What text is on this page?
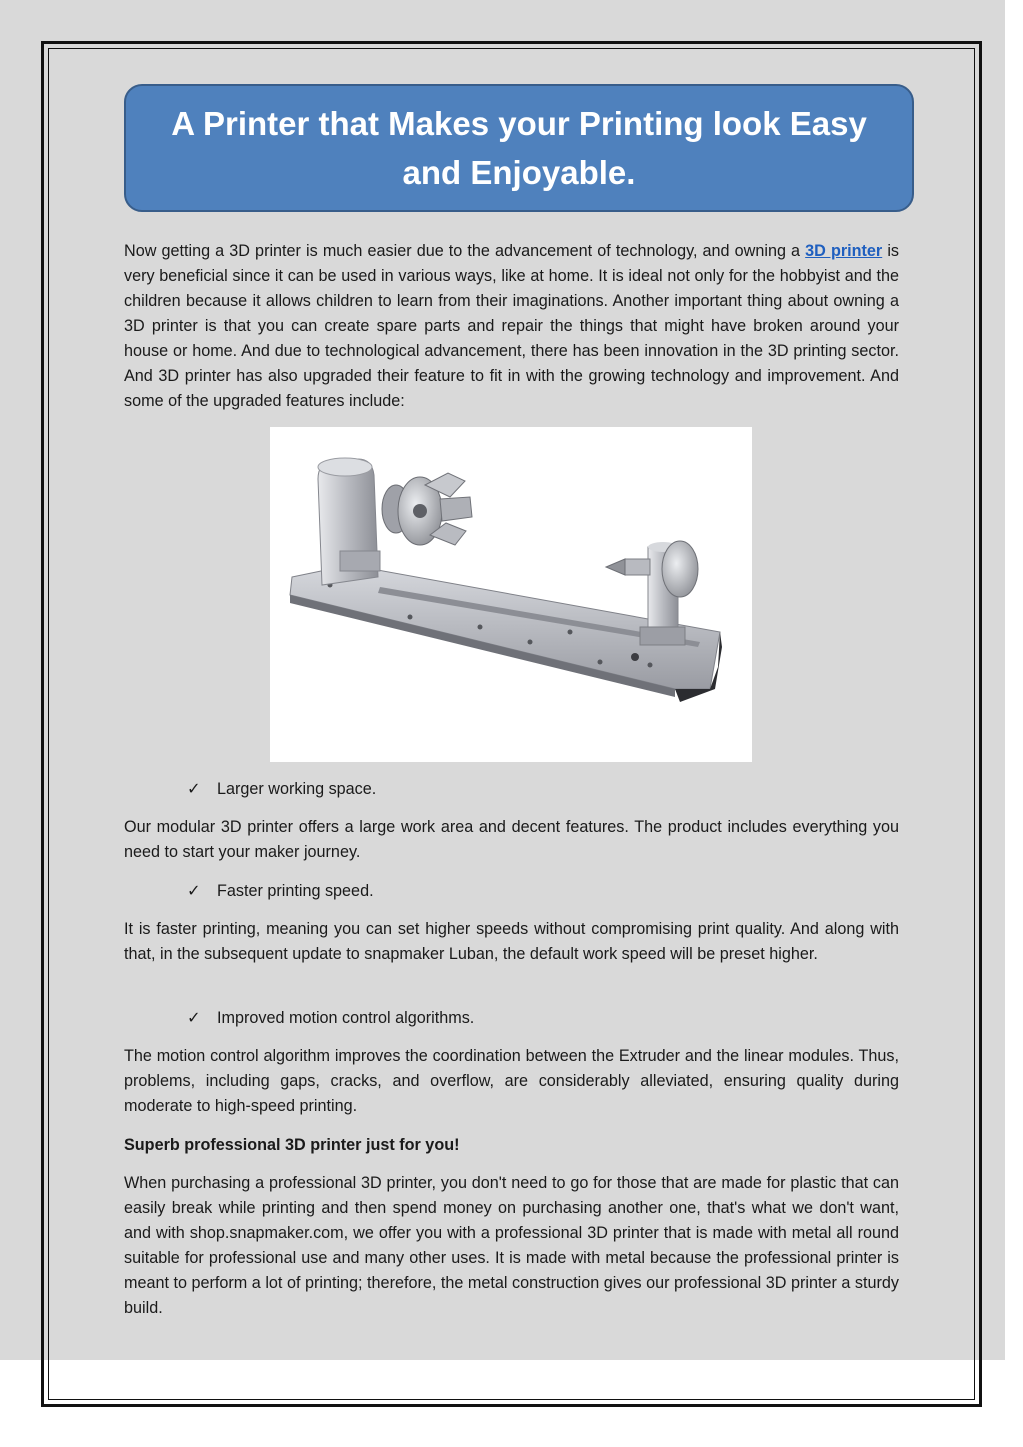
A Printer that Makes your Printing look Easy and Enjoyable.

Now getting a 3D printer is much easier due to the advancement of technology, and owning a 3D printer is very beneficial since it can be used in various ways, like at home. It is ideal not only for the hobbyist and the children because it allows children to learn from their imaginations. Another important thing about owning a 3D printer is that you can create spare parts and repair the things that might have broken around your house or home. And due to technological advancement, there has been innovation in the 3D printing sector. And 3D printer has also upgraded their feature to fit in with the growing technology and improvement. And some of the upgraded features include:

✓ Larger working space.

Our modular 3D printer offers a large work area and decent features. The product includes everything you need to start your maker journey.

✓ Faster printing speed.

It is faster printing, meaning you can set higher speeds without compromising print quality. And along with that, in the subsequent update to snapmaker Luban, the default work speed will be preset higher.

✓ Improved motion control algorithms.

The motion control algorithm improves the coordination between the Extruder and the linear modules. Thus, problems, including gaps, cracks, and overflow, are considerably alleviated, ensuring quality during moderate to high-speed printing.

Superb professional 3D printer just for you!

When purchasing a professional 3D printer, you don't need to go for those that are made for plastic that can easily break while printing and then spend money on purchasing another one, that's what we don't want, and with shop.snapmaker.com, we offer you with a professional 3D printer that is made with metal all round suitable for professional use and many other uses. It is made with metal because the professional printer is meant to perform a lot of printing; therefore, the metal construction gives our professional 3D printer a sturdy build.
